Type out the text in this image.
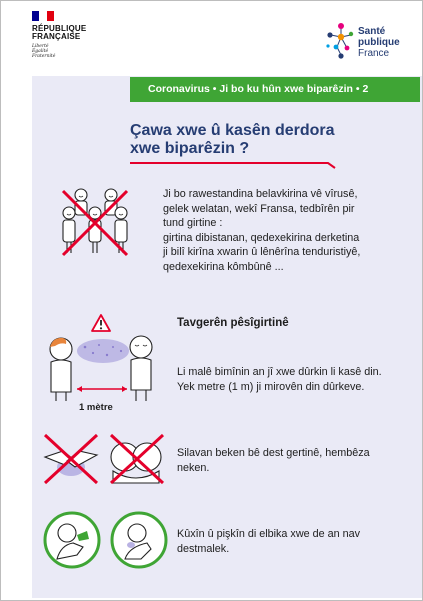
RÉPUBLIQUE
FRANÇAISE
Liberté
Égalité
Fraternité
Santé
publique
France
Coronavirus • Ji bo ku hûn xwe biparêzin • 2
Çawa xwe û kasên derdora
xwe biparêzin ?
Ji bo rawestandina belavkirina vê vîrusê,
gelek welatan, wekî Fransa, tedbîrên pir
tund girtine :
girtina dibistanan, qedexekirina derketina
ji bilî kirîna xwarin û lênêrîna tenduristiyê,
qedexekirina kômbûnê ...
Tavgerên pêsîgirtinê
1 mètre
Li malê bimînin an jî xwe dûrkin li kasê din.
Yek metre (1 m) ji mirovên din dûrkeve.
Silavan beken bê dest gertinê, hembêza
neken.
Kûxîn û pişkîn di elbika xwe de an nav
destmalek.
